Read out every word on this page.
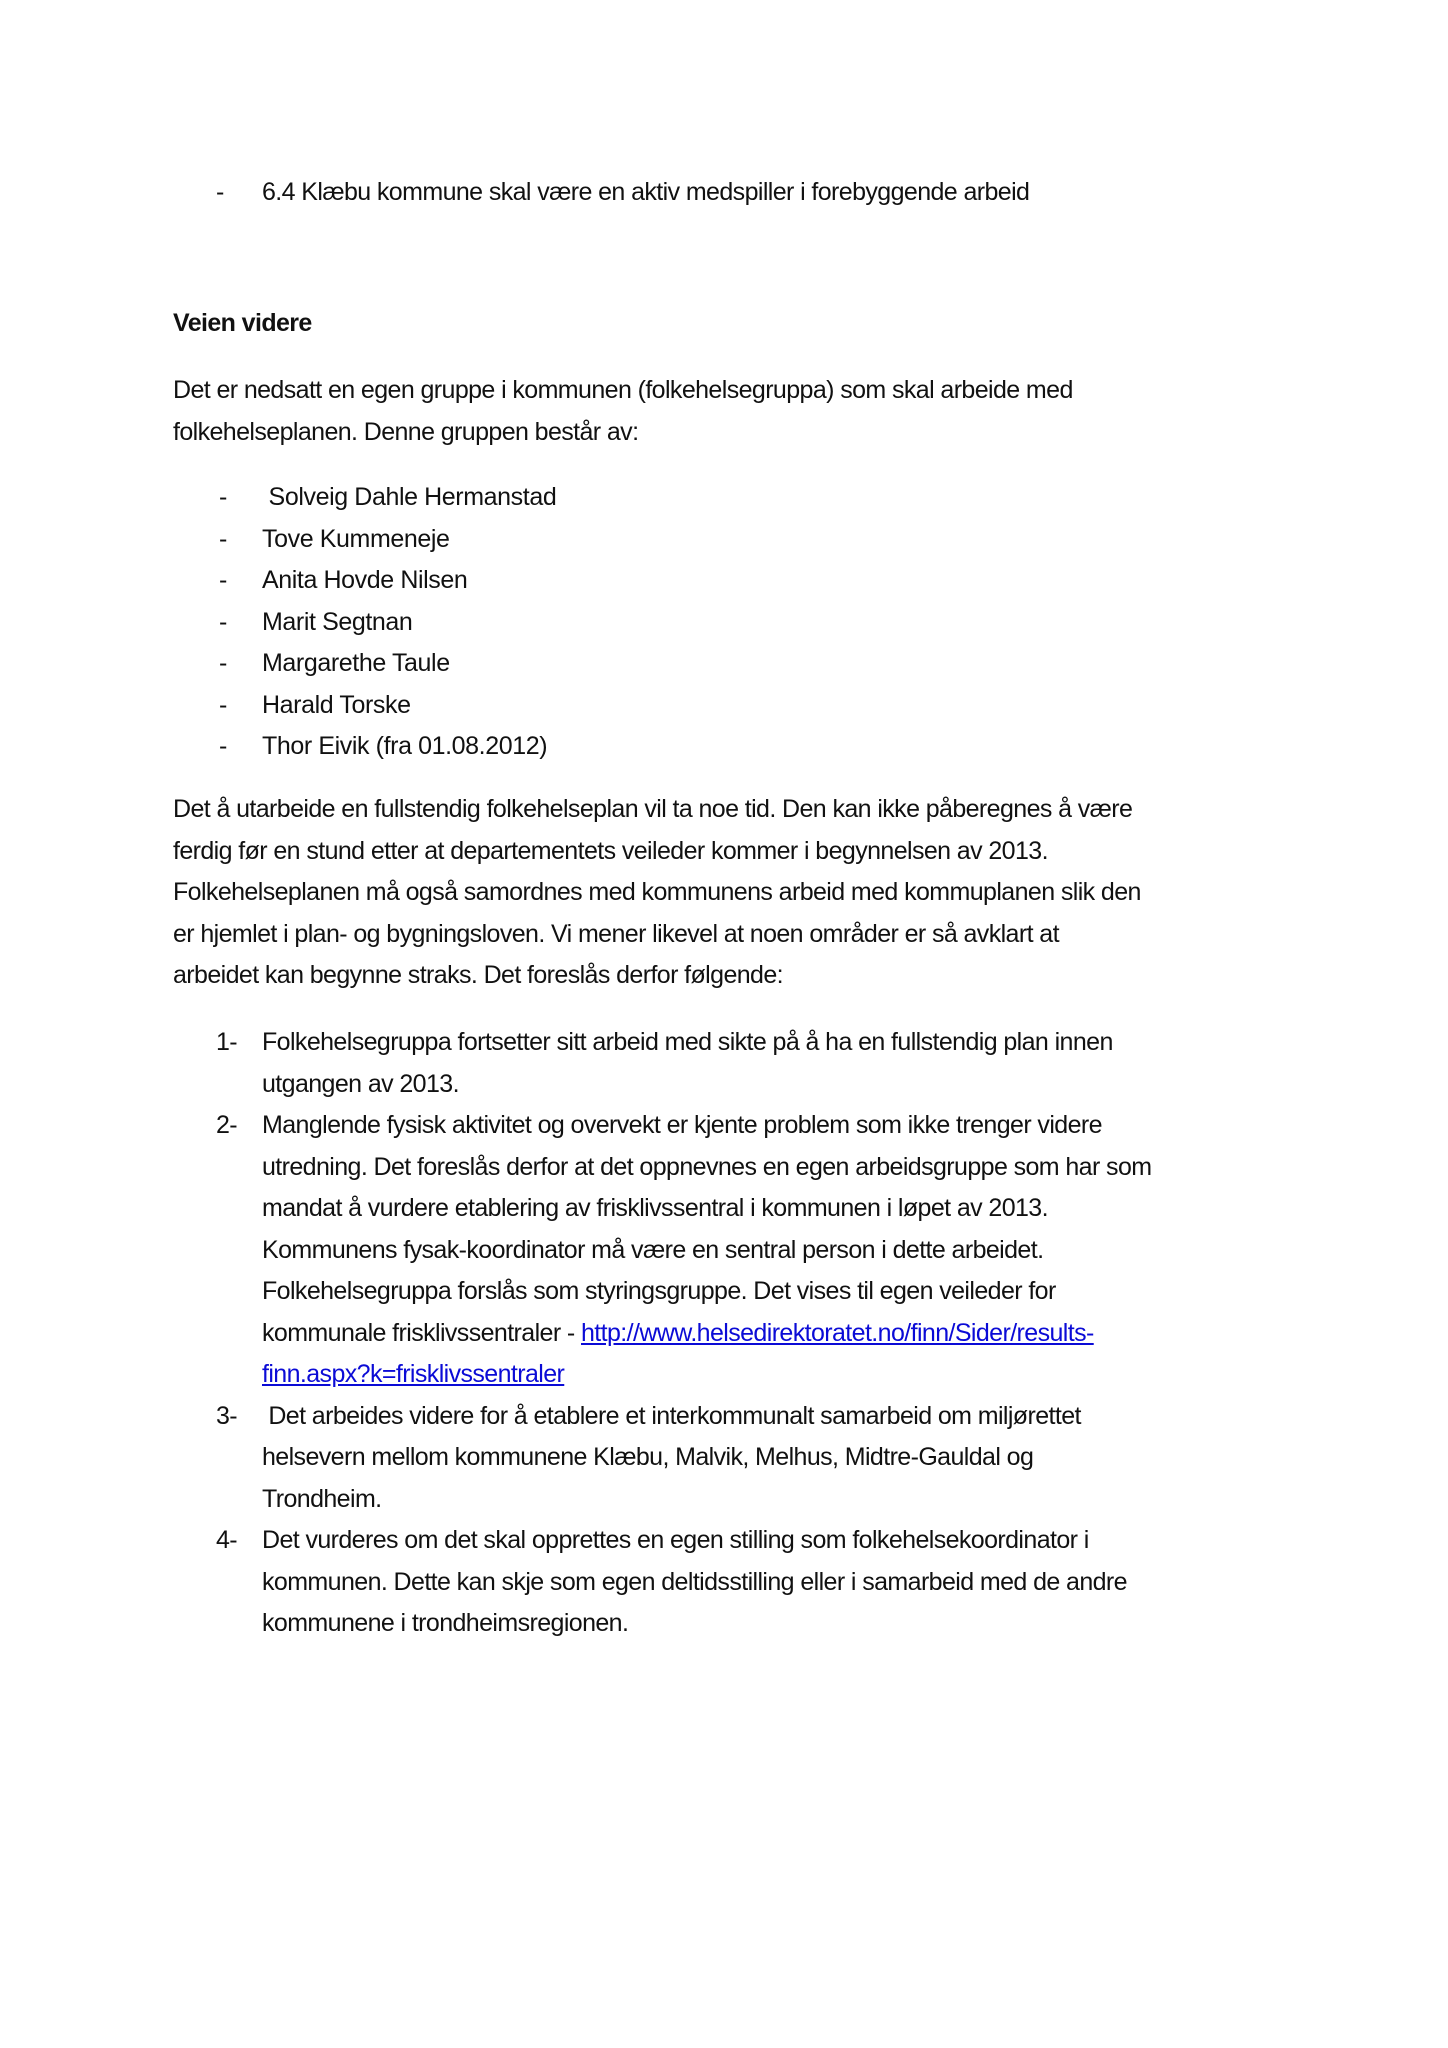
- 6.4 Klæbu kommune skal være en aktiv medspiller i forebyggende arbeid
Veien videre

Det er nedsatt en egen gruppe i kommunen (folkehelsegruppa) som skal arbeide med

folkehelseplanen. Denne gruppen består av:

- Solveig Dahle Hermanstad
- Tove Kummeneje
- Anita Hovde Nilsen
- Marit Segtnan
- Margarethe Taule
- Harald Torske
- Thor Eivik (fra 01.08.2012)

Det å utarbeide en fullstendig folkehelseplan vil ta noe tid. Den kan ikke påberegnes å være

ferdig før en stund etter at departementets veileder kommer i begynnelsen av 2013.

Folkehelseplanen må også samordnes med kommunens arbeid med kommuplanen slik den

er hjemlet i plan- og bygningsloven. Vi mener likevel at noen områder er så avklart at

arbeidet kan begynne straks. Det foreslås derfor følgende:

1- Folkehelsegruppa fortsetter sitt arbeid med sikte på å ha en fullstendig plan innen
utgangen av 2013.
2- Manglende fysisk aktivitet og overvekt er kjente problem som ikke trenger videre
utredning. Det foreslås derfor at det oppnevnes en egen arbeidsgruppe som har som
mandat å vurdere etablering av frisklivssentral i kommunen i løpet av 2013.
Kommunens fysak-koordinator må være en sentral person i dette arbeidet.
Folkehelsegruppa forslås som styringsgruppe. Det vises til egen veileder for
kommunale frisklivssentraler - http://www.helsedirektoratet.no/finn/Sider/results-
finn.aspx?k=frisklivssentraler
3- Det arbeides videre for å etablere et interkommunalt samarbeid om miljørettet
helsevern mellom kommunene Klæbu, Malvik, Melhus, Midtre-Gauldal og
Trondheim.
4- Det vurderes om det skal opprettes en egen stilling som folkehelsekoordinator i
kommunen. Dette kan skje som egen deltidsstilling eller i samarbeid med de andre
kommunene i trondheimsregionen.
